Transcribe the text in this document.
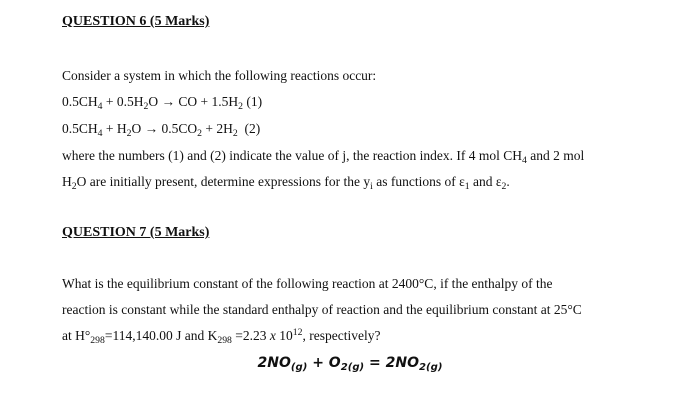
QUESTION 6 (5 Marks)
Consider a system in which the following reactions occur:
$0.5CH_4 + 0.5H_2O$ → CO + $1.5H_2$ (1)
$0.5CH_4 + H_2O \to 0.5CO_2 + 2H_2$  (2)
where the numbers (1) and (2) indicate the value of j, the reaction index. If 4 mol $CH_4$ and 2 mol
$H_2O$ are initially present, determine expressions for the $y_i$ as functions of $\varepsilon_1$ and $\varepsilon_2$.
QUESTION 7 (5 Marks)
What is the equilibrium constant of the following reaction at 2400°C, if the enthalpy of the
reaction is constant while the standard enthalpy of reaction and the equilibrium constant at 25°C
at $H^\circ_{298}=114,140.00$ J and $K_{298} =2.23$ x $10^{12}$, respectively?
$2NO_{(g)} + O_{2(g)} = 2NO_{2(g)}$
